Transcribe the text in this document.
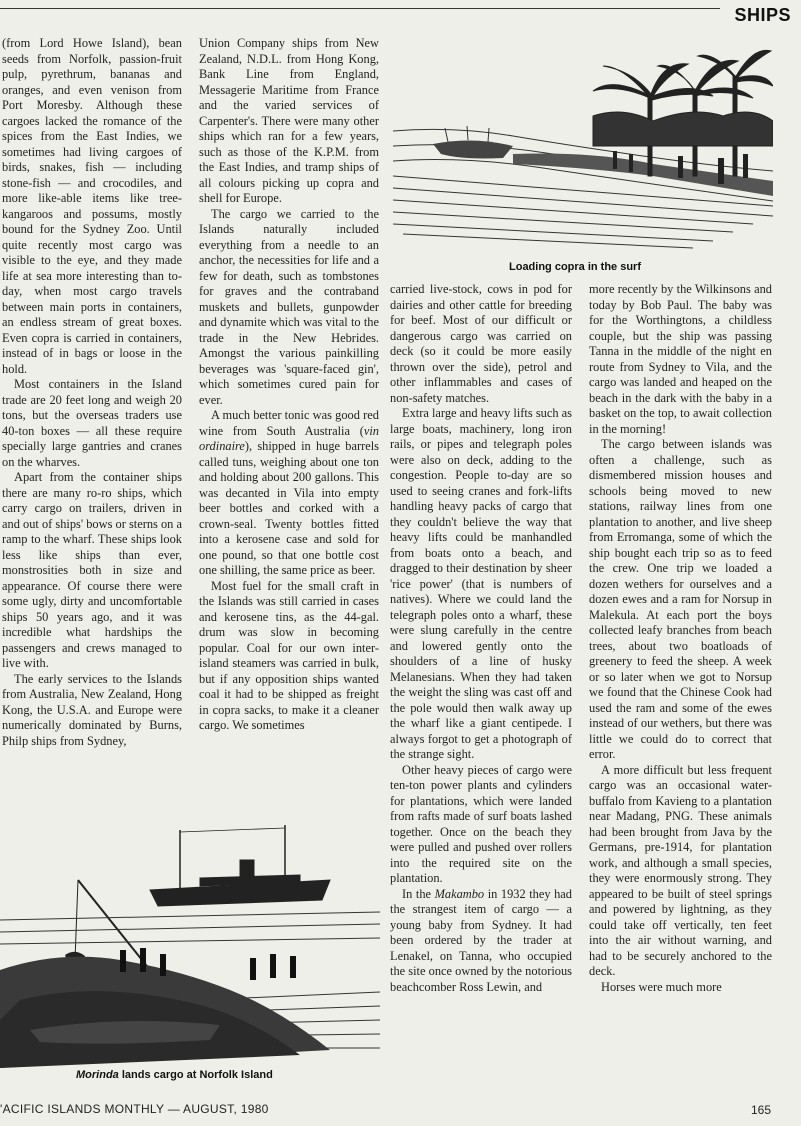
SHIPS
Loading copra in the surf

(from Lord Howe Island), bean seeds from Norfolk, passion-fruit pulp, pyrethrum, bananas and oranges, and even venison from Port Moresby. Although these cargoes lacked the romance of the spices from the East Indies, we sometimes had living cargoes of birds, snakes, fish — including stone-fish — and crocodiles, and more like-able items like tree-kangaroos and possums, mostly bound for the Sydney Zoo. Until quite recently most cargo was visible to the eye, and they made life at sea more interesting than to-day, when most cargo travels between main ports in containers, an endless stream of great boxes. Even copra is carried in containers, instead of in bags or loose in the hold.

Most containers in the Island trade are 20 feet long and weigh 20 tons, but the overseas traders use 40-ton boxes — all these require specially large gantries and cranes on the wharves.

Apart from the container ships there are many ro-ro ships, which carry cargo on trailers, driven in and out of ships' bows or sterns on a ramp to the wharf. These ships look less like ships than ever, monstrosities both in size and appearance. Of course there were some ugly, dirty and uncomfortable ships 50 years ago, and it was incredible what hardships the passengers and crews managed to live with.

The early services to the Islands from Australia, New Zealand, Hong Kong, the U.S.A. and Europe were numerically dominated by Burns, Philp ships from Sydney,

Union Company ships from New Zealand, N.D.L. from Hong Kong, Bank Line from England, Messagerie Maritime from France and the varied services of Carpenter's. There were many other ships which ran for a few years, such as those of the K.P.M. from the East Indies, and tramp ships of all colours picking up copra and shell for Europe.

The cargo we carried to the Islands naturally included everything from a needle to an anchor, the necessities for life and a few for death, such as tombstones for graves and the contraband muskets and bullets, gunpowder and dynamite which was vital to the trade in the New Hebrides. Amongst the various painkilling beverages was 'square-faced gin', which sometimes cured pain for ever.

A much better tonic was good red wine from South Australia (vin ordinaire), shipped in huge barrels called tuns, weighing about one ton and holding about 200 gallons. This was decanted in Vila into empty beer bottles and corked with a crown-seal. Twenty bottles fitted into a kerosene case and sold for one pound, so that one bottle cost one shilling, the same price as beer.

Most fuel for the small craft in the Islands was still carried in cases and kerosene tins, as the 44-gal. drum was slow in becoming popular. Coal for our own inter-island steamers was carried in bulk, but if any opposition ships wanted coal it had to be shipped as freight in copra sacks, to make it a cleaner cargo. We sometimes

carried live-stock, cows in pod for dairies and other cattle for breeding for beef. Most of our difficult or dangerous cargo was carried on deck (so it could be more easily thrown over the side), petrol and other inflammables and cases of non-safety matches.

Extra large and heavy lifts such as large boats, machinery, long iron rails, or pipes and telegraph poles were also on deck, adding to the congestion. People to-day are so used to seeing cranes and fork-lifts handling heavy packs of cargo that they couldn't believe the way that heavy lifts could be manhandled from boats onto a beach, and dragged to their destination by sheer 'rice power' (that is numbers of natives). Where we could land the telegraph poles onto a wharf, these were slung carefully in the centre and lowered gently onto the shoulders of a line of husky Melanesians. When they had taken the weight the sling was cast off and the pole would then walk away up the wharf like a giant centipede. I always forgot to get a photograph of the strange sight.

Other heavy pieces of cargo were ten-ton power plants and cylinders for plantations, which were landed from rafts made of surf boats lashed together. Once on the beach they were pulled and pushed over rollers into the required site on the plantation.

In the Makambo in 1932 they had the strangest item of cargo — a young baby from Sydney. It had been ordered by the trader at Lenakel, on Tanna, who occupied the site once owned by the notorious beachcomber Ross Lewin, and

more recently by the Wilkinsons and today by Bob Paul. The baby was for the Worthingtons, a childless couple, but the ship was passing Tanna in the middle of the night en route from Sydney to Vila, and the cargo was landed and heaped on the beach in the dark with the baby in a basket on the top, to await collection in the morning!

The cargo between islands was often a challenge, such as dismembered mission houses and schools being moved to new stations, railway lines from one plantation to another, and live sheep from Erromanga, some of which the ship bought each trip so as to feed the crew. One trip we loaded a dozen wethers for ourselves and a dozen ewes and a ram for Norsup in Malekula. At each port the boys collected leafy branches from beach trees, about two boatloads of greenery to feed the sheep. A week or so later when we got to Norsup we found that the Chinese Cook had used the ram and some of the ewes instead of our wethers, but there was little we could do to correct that error.

A more difficult but less frequent cargo was an occasional water-buffalo from Kavieng to a plantation near Madang, PNG. These animals had been brought from Java by the Germans, pre-1914, for plantation work, and although a small species, they were enormously strong. They appeared to be built of steel springs and powered by lightning, as they could take off vertically, ten feet into the air without warning, and had to be securely anchored to the deck.

Horses were much more

Morinda lands cargo at Norfolk Island
'ACIFIC ISLANDS MONTHLY — AUGUST, 1980	165
